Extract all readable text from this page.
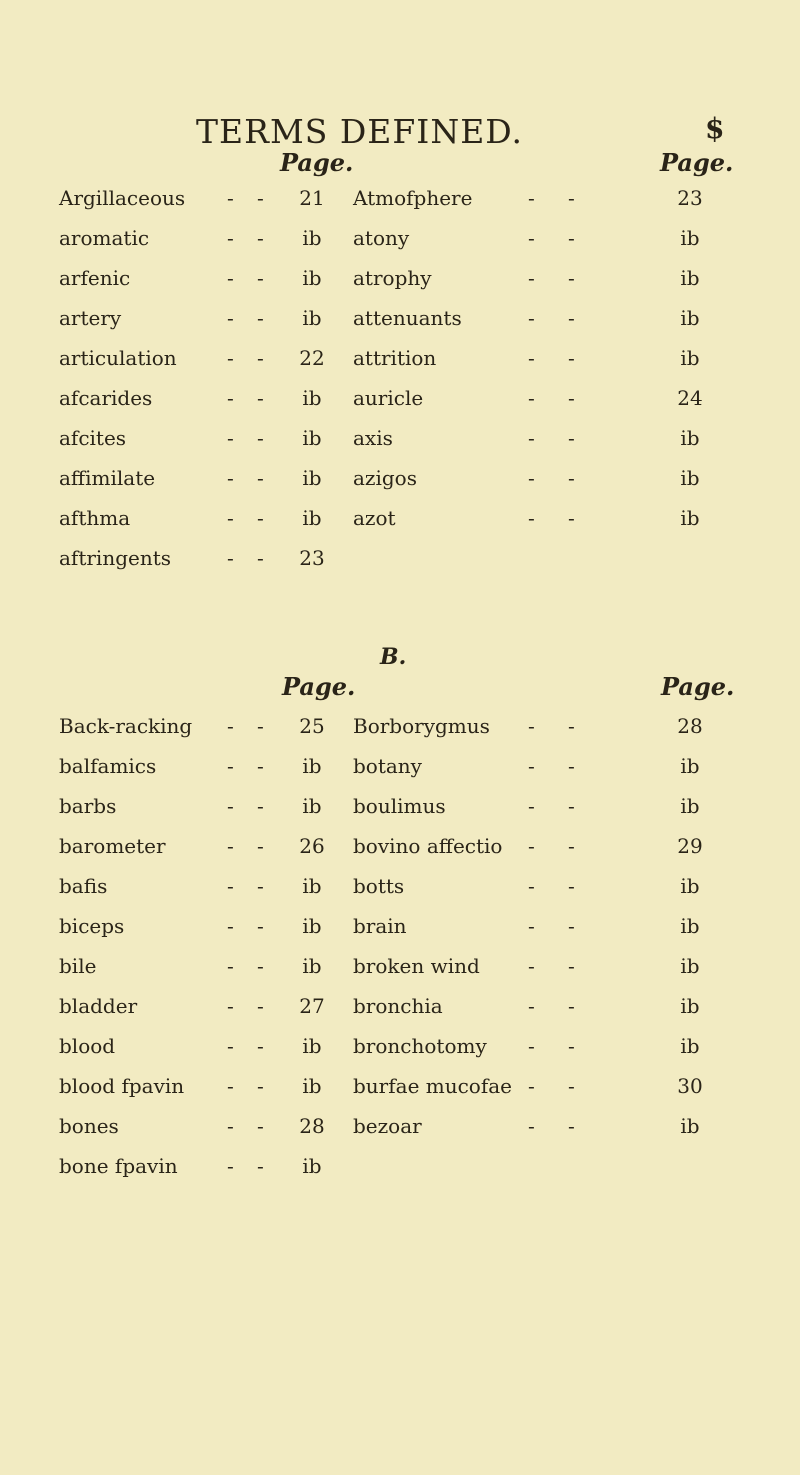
TERMS DEFINED.	$
Page.	Page.
Argillaceous - -	21	Atmofphere	- -	23
aromatic	- -	ib	atony	- -	ib
arfenic	- -	ib	atrophy	- -	ib
artery	- -	ib	attenuants	- -	ib
articulation	- -	22	attrition	- -	ib
afcarides	- -	ib	auricle	- -	24
afcites	- -	ib	axis	- -	ib
affimilate	- -	ib	azigos	- -	ib
afthma	- -	ib	azot	- -	ib
aftringents	- -	23
B.
Page.	Page.
Back-racking - -	25	Borborygmus - -	28
balfamics	- -	ib	botany	- -	ib
barbs	- -	ib	boulimus	- -	ib
barometer	- -	26	bovino affectio - -	29
bafis	- -	ib	botts	- -	ib
biceps	- -	ib	brain	- -	ib
bile	- -	ib	broken wind - -	ib
bladder	- -	27	bronchia	- -	ib
blood	- -	ib	bronchotomy - -	ib
blood fpavin - -	ib	burfae mucofae - -	30
bones	- -	28	bezoar	- -	ib
bone fpavin - -	ib
